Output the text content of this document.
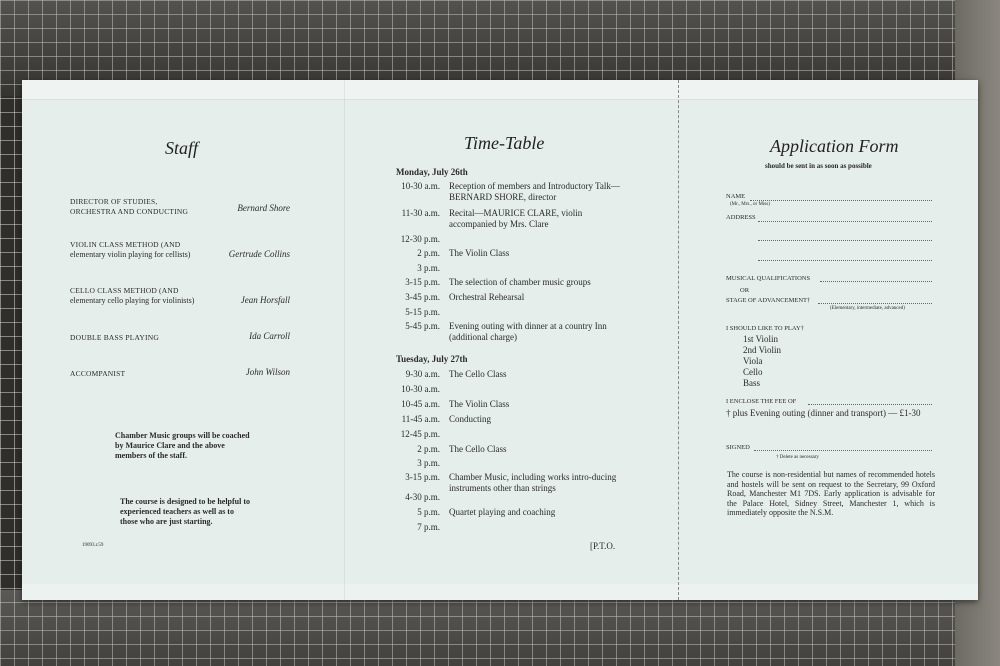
Staff
DIRECTOR OF STUDIES,
ORCHESTRA AND CONDUCTING	Bernard Shore
VIOLIN CLASS METHOD (AND
elementary violin playing for cellists)	Gertrude Collins
CELLO CLASS METHOD (AND
elementary cello playing for violinists)	Jean Horsfall
DOUBLE BASS PLAYING	Ida Carroll
ACCOMPANIST	John Wilson
Chamber Music groups will be coached by Maurice Clare and the above members of the staff.
The course is designed to be helpful to experienced teachers as well as to those who are just starting.
19093.r.59
Time-Table
Monday, July 26th
10-30 a.m. Reception of members and Introductory Talk—BERNARD SHORE, director
11-30 a.m. Recital—MAURICE CLARE, violin accompanied by Mrs. Clare
12-30 p.m.
2 p.m. The Violin Class
3 p.m.
3-15 p.m. The selection of chamber music groups
3-45 p.m. Orchestral Rehearsal
5-15 p.m.
5-45 p.m. Evening outing with dinner at a country Inn (additional charge)
Tuesday, July 27th
9-30 a.m. The Cello Class
10-30 a.m.
10-45 a.m. The Violin Class
11-45 a.m. Conducting
12-45 p.m.
2 p.m. The Cello Class
3 p.m.
3-15 p.m. Chamber Music, including works intro-ducing instruments other than strings
4-30 p.m.
5 p.m. Quartet playing and coaching
7 p.m.
[P.T.O.
Application Form
should be sent in as soon as possible
NAME
(Mr., Mrs., or Miss)
ADDRESS
MUSICAL QUALIFICATIONS
OR
STAGE OF ADVANCEMENT†
(Elementary, intermediate, advanced)
I SHOULD LIKE TO PLAY†
1st Violin
2nd Violin
Viola
Cello
Bass
I ENCLOSE THE FEE OF
† plus Evening outing (dinner and transport) — £1-30
SIGNED
† Delete as necessary
The course is non-residential but names of recommended hotels and hostels will be sent on request to the Secretary, 99 Oxford Road, Manchester M1 7DS. Early application is advisable for the Palace Hotel, Sidney Street, Manchester 1, which is immediately opposite the N.S.M.
